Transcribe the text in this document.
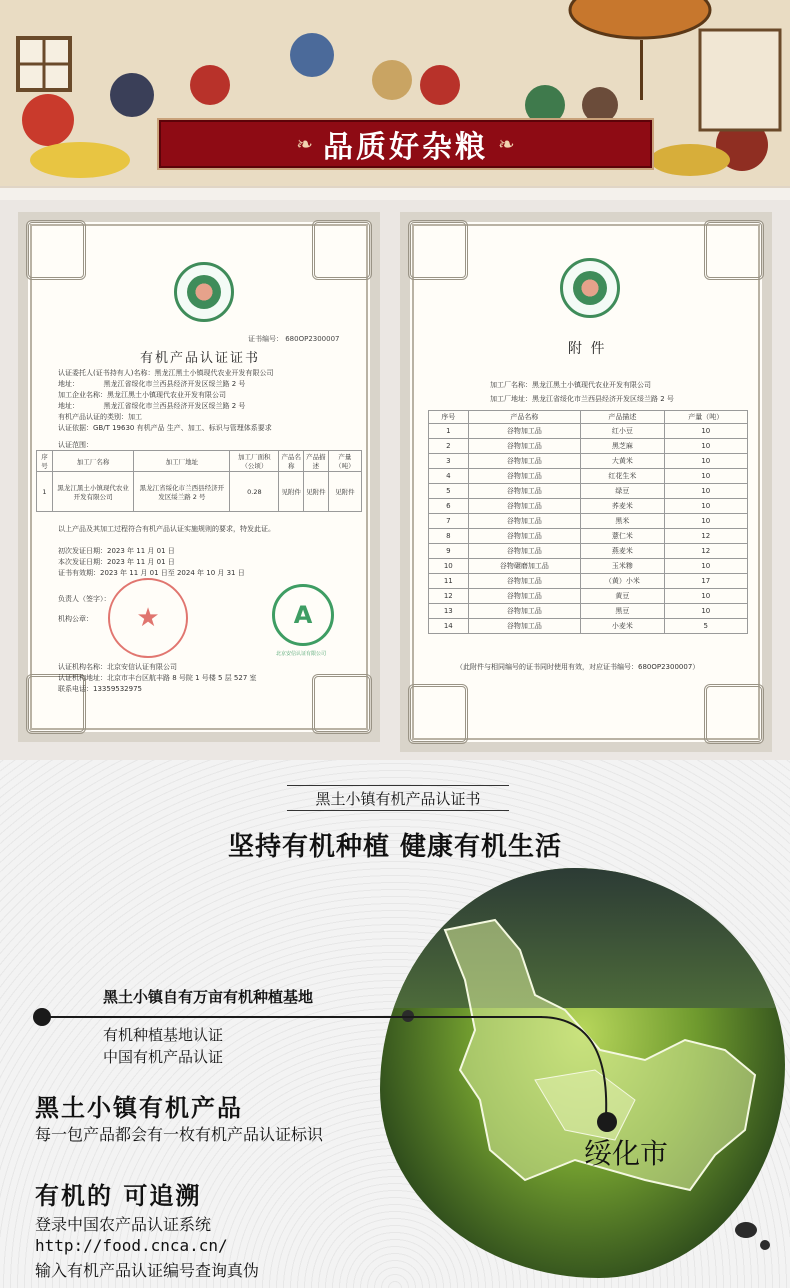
❧ 品质好杂粮 ❧
证书编号： 680OP2300007
有机产品认证证书
认证委托人(证书持有人)名称：黑龙江黑土小镇现代农业开发有限公司
地址：　　　　黑龙江省绥化市兰西县经济开发区绥兰路 2 号
加工企业名称：黑龙江黑土小镇现代农业开发有限公司
地址：　　　　黑龙江省绥化市兰西县经济开发区绥兰路 2 号
有机产品认证的类别：加工
认证依据：GB/T 19630 有机产品 生产、加工、标识与管理体系要求
认证范围：
序号	加工厂名称	加工厂地址	加工厂面积（公顷）	产品名称	产品描述	产量（吨）
1	黑龙江黑土小镇现代农业开发有限公司	黑龙江省绥化市兰西县经济开发区绥兰路 2 号	0.28	见附件	见附件	见附件
以上产品及其加工过程符合有机产品认证实施规则的要求，特发此证。
初次发证日期：2023 年 11 月 01 日
本次发证日期：2023 年 11 月 01 日
证书有效期：2023 年 11 月 01 日至 2024 年 10 月 31 日
负责人（签字）：
机构公章：	★	A
北京安信认证有限公司
认证机构名称：北京安信认证有限公司
认证机构地址：北京市丰台区航丰路 8 号院 1 号楼 5 层 527 室
联系电话：13359532975
附 件
加工厂名称：黑龙江黑土小镇现代农业开发有限公司
加工厂地址：黑龙江省绥化市兰西县经济开发区绥兰路 2 号
序号	产品名称	产品描述	产量（吨）
1	谷物加工品	红小豆	10
2	谷物加工品	黑芝麻	10
3	谷物加工品	大黄米	10
4	谷物加工品	红花生米	10
5	谷物加工品	绿豆	10
6	谷物加工品	荞麦米	10
7	谷物加工品	黑米	10
8	谷物加工品	薏仁米	12
9	谷物加工品	燕麦米	12
10	谷物碾磨加工品	玉米糁	10
11	谷物加工品	（黄）小米	17
12	谷物加工品	黄豆	10
13	谷物加工品	黑豆	10
14	谷物加工品	小麦米	5
（此附件与相同编号的证书同时使用有效，对应证书编号：680OP2300007）
黑土小镇有机产品认证书
坚持有机种植 健康有机生活
黑土小镇自有万亩有机种植基地
有机种植基地认证
中国有机产品认证
黑土小镇有机产品
每一包产品都会有一枚有机产品认证标识
有机的 可追溯
登录中国农产品认证系统
http://food.cnca.cn/
输入有机产品认证编号查询真伪
绥化市
